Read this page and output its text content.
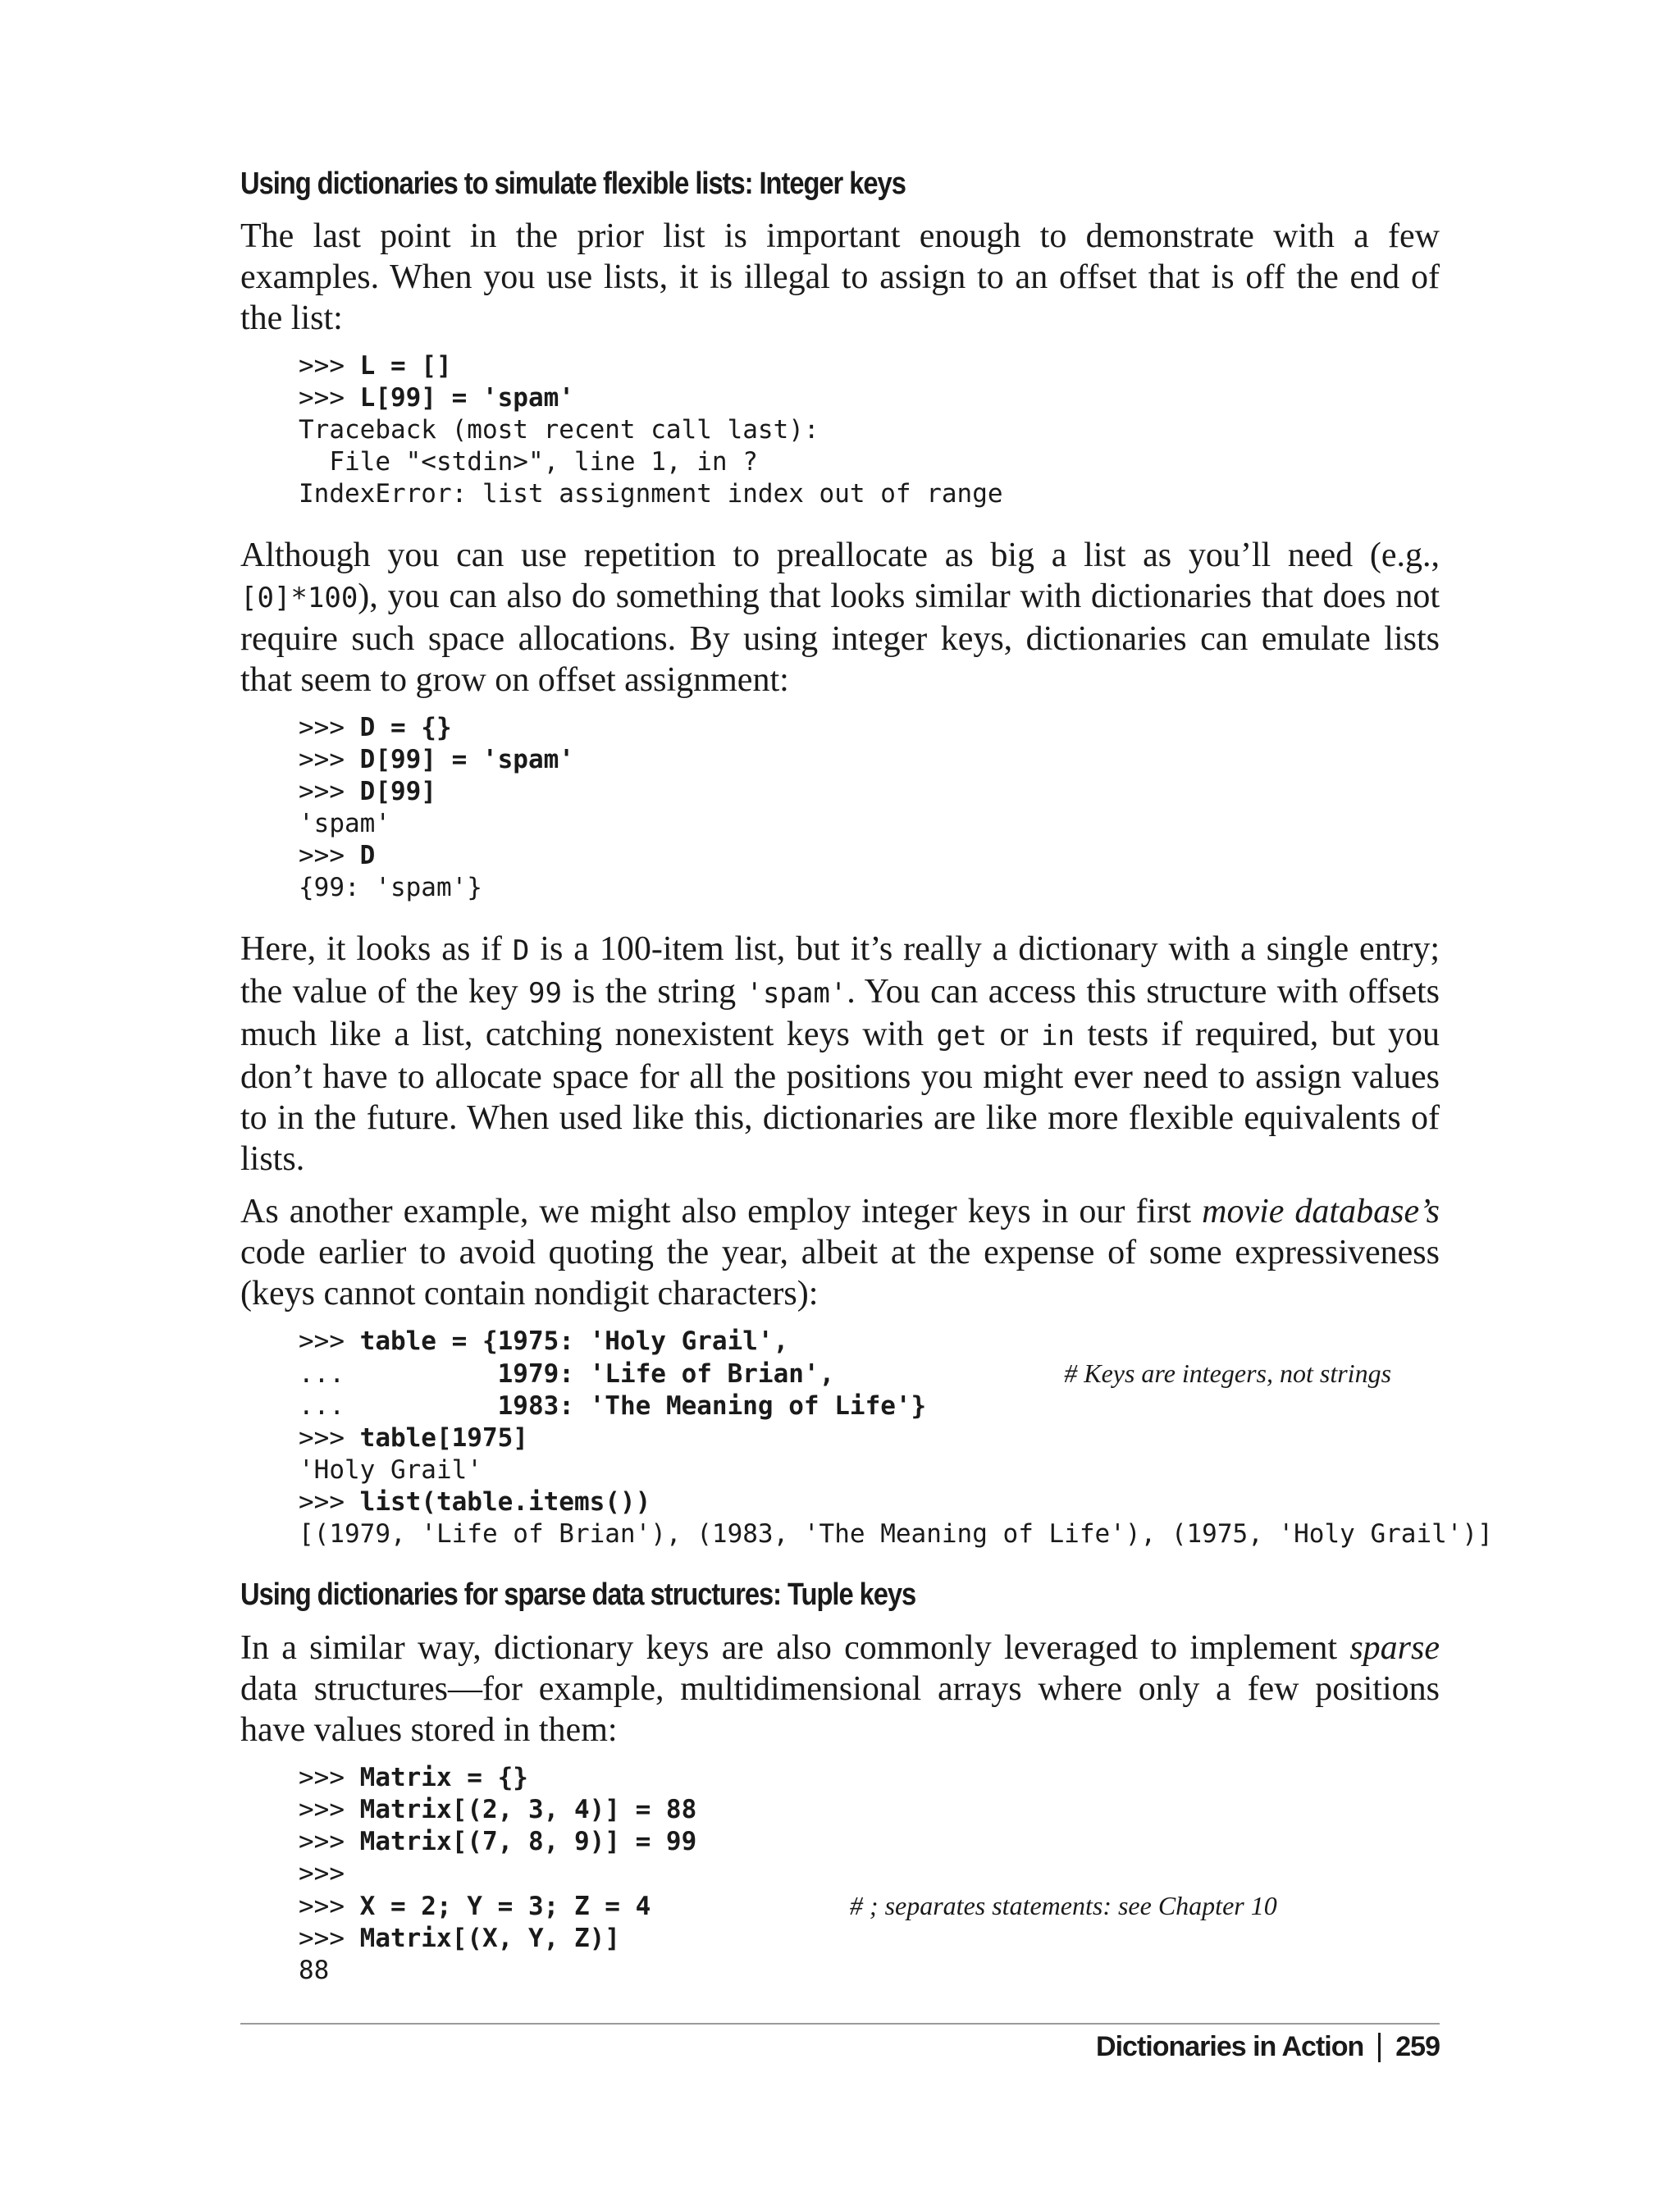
Using dictionaries to simulate flexible lists: Integer keys

The last point in the prior list is important enough to demonstrate with a few examples. When you use lists, it is illegal to assign to an offset that is off the end of the list:

>>> L = []
>>> L[99] = 'spam'
Traceback (most recent call last):
File "<stdin>", line 1, in ?
IndexError: list assignment index out of range

Although you can use repetition to preallocate as big a list as you’ll need (e.g., [0]*100), you can also do something that looks similar with dictionaries that does not require such space allocations. By using integer keys, dictionaries can emulate lists that seem to grow on offset assignment:

>>> D = {}
>>> D[99] = 'spam'
>>> D[99]
'spam'
>>> D
{99: 'spam'}

Here, it looks as if D is a 100-item list, but it’s really a dictionary with a single entry; the value of the key 99 is the string 'spam'. You can access this structure with offsets much like a list, catching nonexistent keys with get or in tests if required, but you don’t have to allocate space for all the positions you might ever need to assign values to in the future. When used like this, dictionaries are like more flexible equivalents of lists.

As another example, we might also employ integer keys in our first movie database’s code earlier to avoid quoting the year, albeit at the expense of some expressiveness (keys cannot contain nondigit characters):

>>> table = {1975: 'Holy Grail',
...          1979: 'Life of Brian',	# Keys are integers, not strings
...          1983: 'The Meaning of Life'}
>>> table[1975]
'Holy Grail'
>>> list(table.items())
[(1979, 'Life of Brian'), (1983, 'The Meaning of Life'), (1975, 'Holy Grail')]
Using dictionaries for sparse data structures: Tuple keys

In a similar way, dictionary keys are also commonly leveraged to implement sparse data structures—for example, multidimensional arrays where only a few positions have values stored in them:

>>> Matrix = {}
>>> Matrix[(2, 3, 4)] = 88
>>> Matrix[(7, 8, 9)] = 99
>>>
>>> X = 2; Y = 3; Z = 4	# ; separates statements: see Chapter 10
>>> Matrix[(X, Y, Z)]
88
Dictionaries in Action 259
